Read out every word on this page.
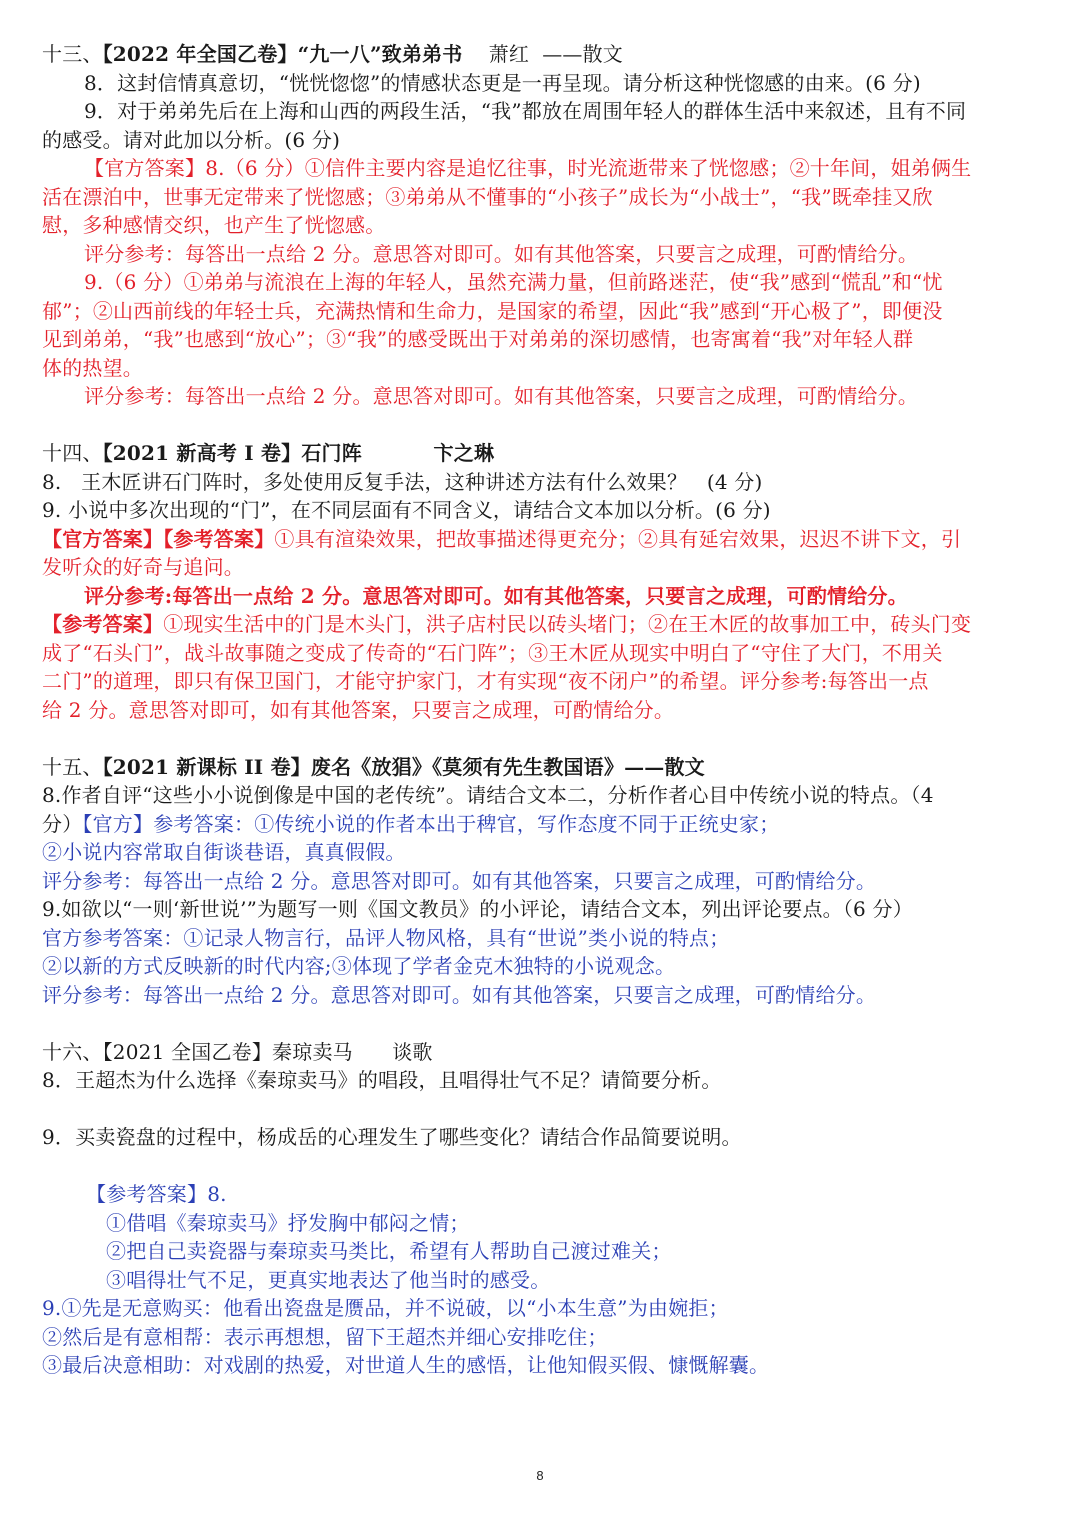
十三、【2022 年全国乙卷】“九一八”致弟弟书    萧红  ——散文
8．这封信情真意切，“恍恍惚惚”的情感状态更是一再呈现。请分析这种恍惚感的由来。(6 分)
9．对于弟弟先后在上海和山西的两段生活，“我”都放在周围年轻人的群体生活中来叙述，且有不同
的感受。请对此加以分析。(6 分)
【官方答案】8.（6 分）①信件主要内容是追忆往事，时光流逝带来了恍惚感；②十年间，姐弟俩生
活在漂泊中，世事无定带来了恍惚感；③弟弟从不懂事的“小孩子”成长为“小战士”，“我”既牵挂又欣
慰，多种感情交织，也产生了恍惚感。
评分参考：每答出一点给 2 分。意思答对即可。如有其他答案，只要言之成理，可酌情给分。
9.（6 分）①弟弟与流浪在上海的年轻人，虽然充满力量，但前路迷茫，使“我”感到“慌乱”和“忧
郁”；②山西前线的年轻士兵，充满热情和生命力，是国家的希望，因此“我”感到“开心极了”，即便没
见到弟弟，“我”也感到“放心”；③“我”的感受既出于对弟弟的深切感情，也寄寓着“我”对年轻人群
体的热望。
评分参考：每答出一点给 2 分。意思答对即可。如有其他答案，只要言之成理，可酌情给分。
十四、【2021 新高考 I 卷】石门阵          卞之琳
8.   王木匠讲石门阵时，多处使用反复手法，这种讲述方法有什么效果？   (4 分)
9. 小说中多次出现的“门”，在不同层面有不同含义，请结合文本加以分析。(6 分)
【官方答案】【参考答案】①具有渲染效果，把故事描述得更充分；②具有延宕效果，迟迟不讲下文，引
发听众的好奇与追问。
评分参考:每答出一点给 2 分。意思答对即可。如有其他答案，只要言之成理，可酌情给分。
【参考答案】①现实生活中的门是木头门，洪子店村民以砖头堵门；②在王木匠的故事加工中，砖头门变
成了“石头门”，战斗故事随之变成了传奇的“石门阵”；③王木匠从现实中明白了“守住了大门，不用关
二门”的道理，即只有保卫国门，才能守护家门，才有实现“夜不闭户”的希望。评分参考:每答出一点
给 2 分。意思答对即可，如有其他答案，只要言之成理，可酌情给分。
十五、【2021 新课标 II 卷】废名《放猖》《莫须有先生教国语》——散文
8.作者自评“这些小小说倒像是中国的老传统”。请结合文本二，分析作者心目中传统小说的特点。（4
分）【官方】参考答案：①传统小说的作者本出于稗官，写作态度不同于正统史家；
②小说内容常取自街谈巷语，真真假假。
评分参考：每答出一点给 2 分。意思答对即可。如有其他答案，只要言之成理，可酌情给分。
9.如欲以“一则‘新世说’”为题写一则《国文教员》的小评论，请结合文本，列出评论要点。（6 分）
官方参考答案：①记录人物言行，品评人物风格，具有“世说”类小说的特点；
②以新的方式反映新的时代内容;③体现了学者金克木独特的小说观念。
评分参考：每答出一点给 2 分。意思答对即可。如有其他答案，只要言之成理，可酌情给分。
十六、【2021 全国乙卷】秦琼卖马      谈歌
8．王超杰为什么选择《秦琼卖马》的唱段，且唱得壮气不足？请简要分析。
9．买卖瓷盘的过程中，杨成岳的心理发生了哪些变化？请结合作品简要说明。
【参考答案】8.
①借唱《秦琼卖马》抒发胸中郁闷之情；
②把自己卖瓷器与秦琼卖马类比，希望有人帮助自己渡过难关；
③唱得壮气不足，更真实地表达了他当时的感受。
9.①先是无意购买：他看出瓷盘是赝品，并不说破，以“小本生意”为由婉拒；
②然后是有意相帮：表示再想想，留下王超杰并细心安排吃住；
③最后决意相助：对戏剧的热爱，对世道人生的感悟，让他知假买假、慷慨解囊。
8
